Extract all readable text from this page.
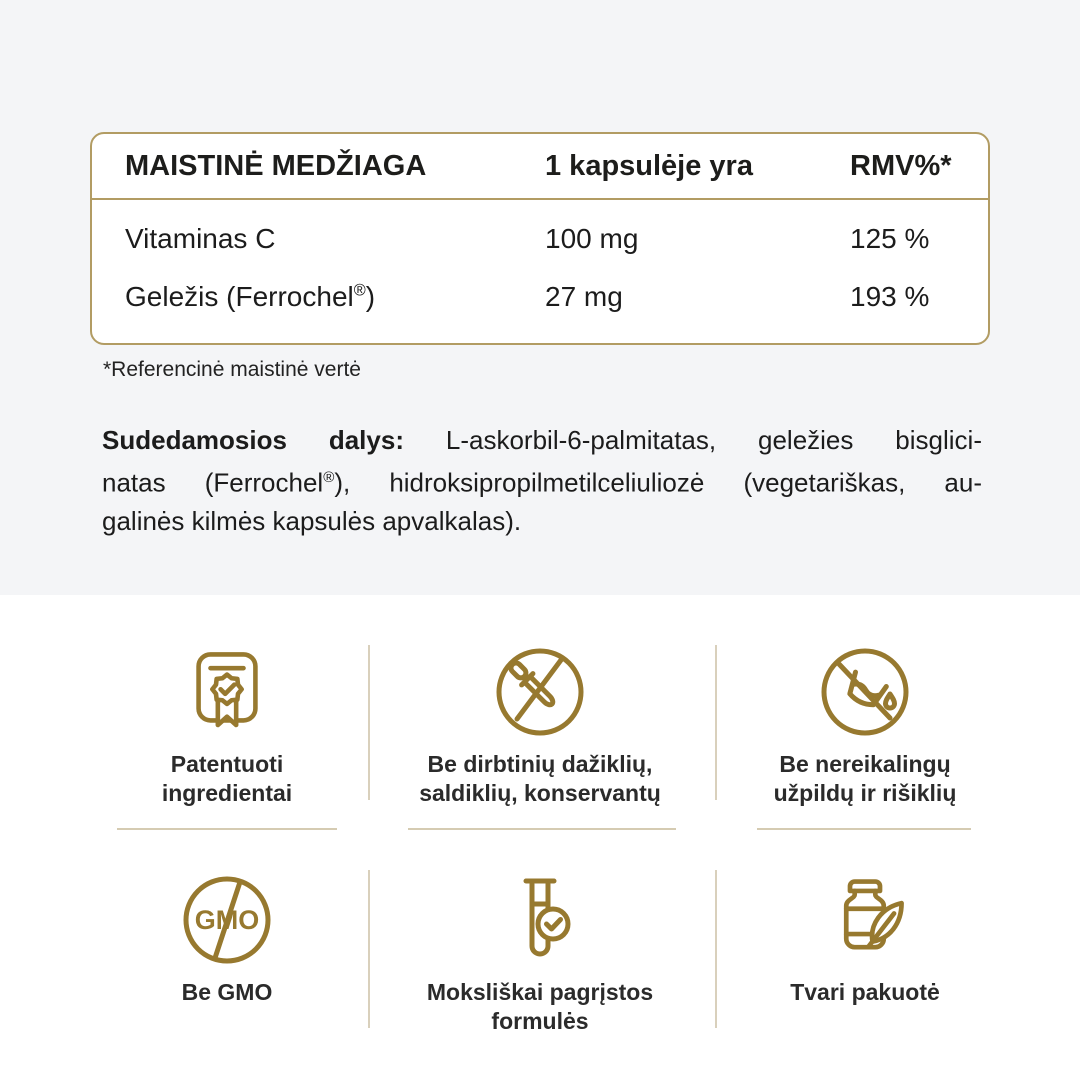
MAISTINĖ MEDŽIAGA	1 kapsulėje yra	RMV%*
Vitaminas C	100 mg	125 %
Geležis (Ferrochel®)	27 mg	193 %
*Referencinė maistinė vertė
Sudedamosios dalys: L-askorbil-6-palmitatas, geležies bisglici-
natas (Ferrochel®), hidroksipropilmetilceliuliozė (vegetariškas, au-
galinės kilmės kapsulės apvalkalas).
Patentuoti
ingredientai
Be dirbtinių dažiklių,
saldiklių, konservantų
Be nereikalingų
užpildų ir rišiklių
GMO
Be GMO	Moksliškai pagrįstos
formulės
Tvari pakuotė
